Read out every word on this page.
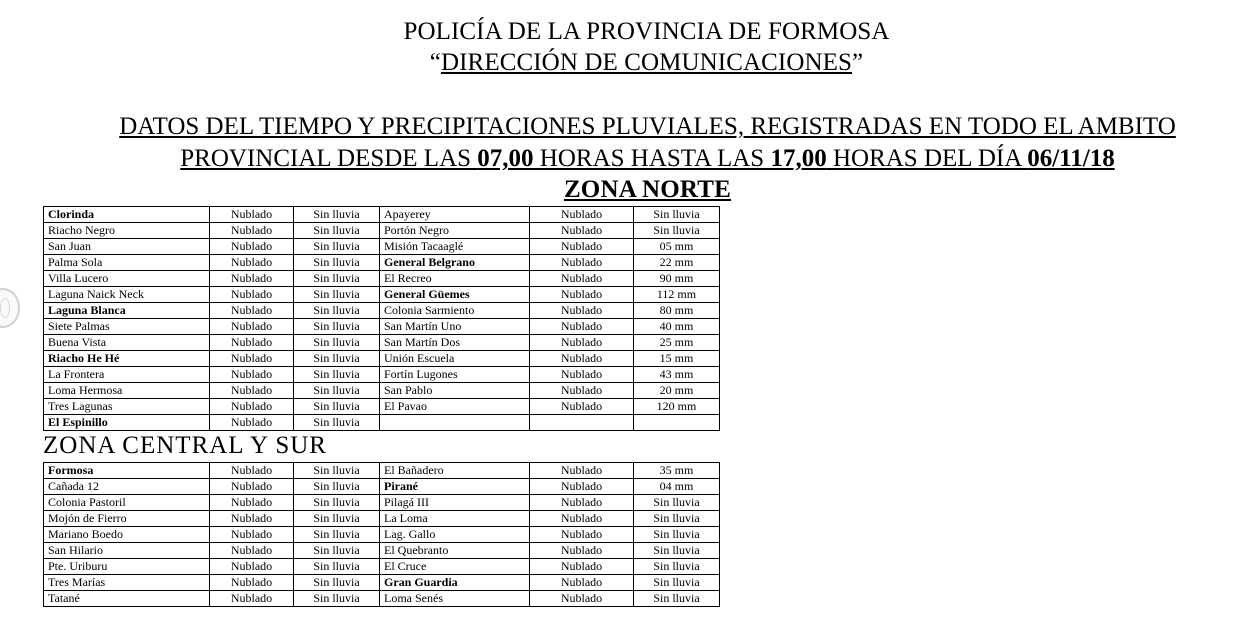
POLICÍA DE LA PROVINCIA DE FORMOSA
“DIRECCIÓN DE COMUNICACIONES”
DATOS DEL TIEMPO Y PRECIPITACIONES PLUVIALES, REGISTRADAS EN TODO EL AMBITO
PROVINCIAL DESDE LAS 07,00 HORAS HASTA LAS 17,00 HORAS DEL DÍA 06/11/18
ZONA NORTE
Clorinda	Nublado	Sin lluvia	Apayerey	Nublado	Sin lluvia
Riacho Negro	Nublado	Sin lluvia	Portón Negro	Nublado	Sin lluvia
San Juan	Nublado	Sin lluvia	Misión Tacaaglé	Nublado	05 mm
Palma Sola	Nublado	Sin lluvia	General Belgrano	Nublado	22 mm
Villa Lucero	Nublado	Sin lluvia	El Recreo	Nublado	90 mm
Laguna Naick Neck	Nublado	Sin lluvia	General Güemes	Nublado	112 mm
Laguna Blanca	Nublado	Sin lluvia	Colonia Sarmiento	Nublado	80 mm
Siete Palmas	Nublado	Sin lluvia	San Martín Uno	Nublado	40 mm
Buena Vista	Nublado	Sin lluvia	San Martín Dos	Nublado	25 mm
Riacho He Hé	Nublado	Sin lluvia	Unión Escuela	Nublado	15 mm
La Frontera	Nublado	Sin lluvia	Fortín Lugones	Nublado	43 mm
Loma Hermosa	Nublado	Sin lluvia	San Pablo	Nublado	20 mm
Tres Lagunas	Nublado	Sin lluvia	El Pavao	Nublado	120 mm
El Espinillo	Nublado	Sin lluvia			
ZONA CENTRAL Y SUR
Formosa	Nublado	Sin lluvia	El Bañadero	Nublado	35 mm
Cañada 12	Nublado	Sin lluvia	Pirané	Nublado	04 mm
Colonia Pastoril	Nublado	Sin lluvia	Pilagá III	Nublado	Sin lluvia
Mojón de Fierro	Nublado	Sin lluvia	La Loma	Nublado	Sin lluvia
Mariano Boedo	Nublado	Sin lluvia	Lag. Gallo	Nublado	Sin lluvia
San Hilario	Nublado	Sin lluvia	El Quebranto	Nublado	Sin lluvia
Pte. Uriburu	Nublado	Sin lluvia	El Cruce	Nublado	Sin lluvia
Tres Marías	Nublado	Sin lluvia	Gran Guardia	Nublado	Sin lluvia
Tatané	Nublado	Sin lluvia	Loma Senés	Nublado	Sin lluvia
